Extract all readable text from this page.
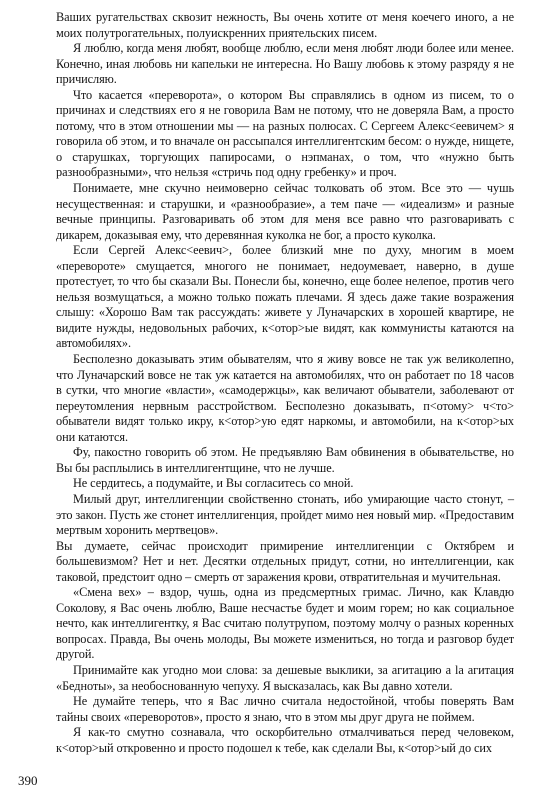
Ваших ругательствах сквозит нежность, Вы очень хотите от меня коечего иного, а не моих полутрогательных, полуискренних приятельских писем.

Я люблю, когда меня любят, вообще люблю, если меня любят люди более или менее. Конечно, иная любовь ни капельки не интересна. Но Вашу любовь к этому разряду я не причисляю.

Что касается «переворота», о котором Вы справлялись в одном из писем, то о причинах и следствиях его я не говорила Вам не потому, что не доверяла Вам, а просто потому, что в этом отношении мы — на разных полюсах. С Сергеем Алекс<еевичем> я говорила об этом, и то вначале он рассыпался интеллигентским бесом: о нужде, нищете, о старушках, торгующих папиросами, о нэпманах, о том, что «нужно быть разнообразными», что нельзя «стричь под одну гребенку» и проч.

Понимаете, мне скучно неимоверно сейчас толковать об этом. Все это — чушь несущественная: и старушки, и «разнообразие», а тем паче — «идеализм» и разные вечные принципы. Разговаривать об этом для меня все равно что разговаривать с дикарем, доказывая ему, что деревянная куколка не бог, а просто куколка.

Если Сергей Алекс<еевич>, более близкий мне по духу, многим в моем «перевороте» смущается, многого не понимает, недоумевает, наверно, в душе протестует, то что бы сказали Вы. Понесли бы, конечно, еще более нелепое, против чего нельзя возмущаться, а можно только пожать плечами. Я здесь даже такие возражения слышу: «Хорошо Вам так рассуждать: живете у Луначарских в хорошей квартире, не видите нужды, недовольных рабочих, к<отор>ые видят, как коммунисты катаются на автомобилях».

Бесполезно доказывать этим обывателям, что я живу вовсе не так уж великолепно, что Луначарский вовсе не так уж катается на автомобилях, что он работает по 18 часов в сутки, что многие «власти», «самодержцы», как величают обыватели, заболевают от переутомления нервным расстройством. Бесполезно доказывать, п<отому> ч<то> обыватели видят только икру, к<отор>ую едят наркомы, и автомобили, на к<отор>ых они катаются.

Фу, пакостно говорить об этом. Не предъявляю Вам обвинения в обывательстве, но Вы бы расплылись в интеллигентщине, что не лучше.

Не сердитесь, а подумайте, и Вы согласитесь со мной.

Милый друг, интеллигенции свойственно стонать, ибо умирающие часто стонут, – это закон. Пусть же стонет интеллигенция, пройдет мимо нея новый мир. «Предоставим мертвым хоронить мертвецов».

Вы думаете, сейчас происходит примирение интеллигенции с Октябрем и большевизмом? Нет и нет. Десятки отдельных придут, сотни, но интеллигенции, как таковой, предстоит одно – смерть от заражения крови, отвратительная и мучительная.

«Смена вех» – вздор, чушь, одна из предсмертных гримас. Лично, как Клавдю Соколову, я Вас очень люблю, Ваше несчастье будет и моим горем; но как социальное нечто, как интеллигентку, я Вас считаю полутрупом, поэтому молчу о разных коренных вопросах. Правда, Вы очень молоды, Вы можете измениться, но тогда и разговор будет другой.

Принимайте как угодно мои слова: за дешевые выклики, за агитацию a la агитация «Бедноты», за необоснованную чепуху. Я высказалась, как Вы давно хотели.

Не думайте теперь, что я Вас лично считала недостойной, чтобы поверять Вам тайны своих «переворотов», просто я знаю, что в этом мы друг друга не поймем.

Я как-то смутно сознавала, что оскорбительно отмалчиваться перед человеком, к<отор>ый откровенно и просто подошел к тебе, как сделали Вы, к<отор>ый до сих

390
